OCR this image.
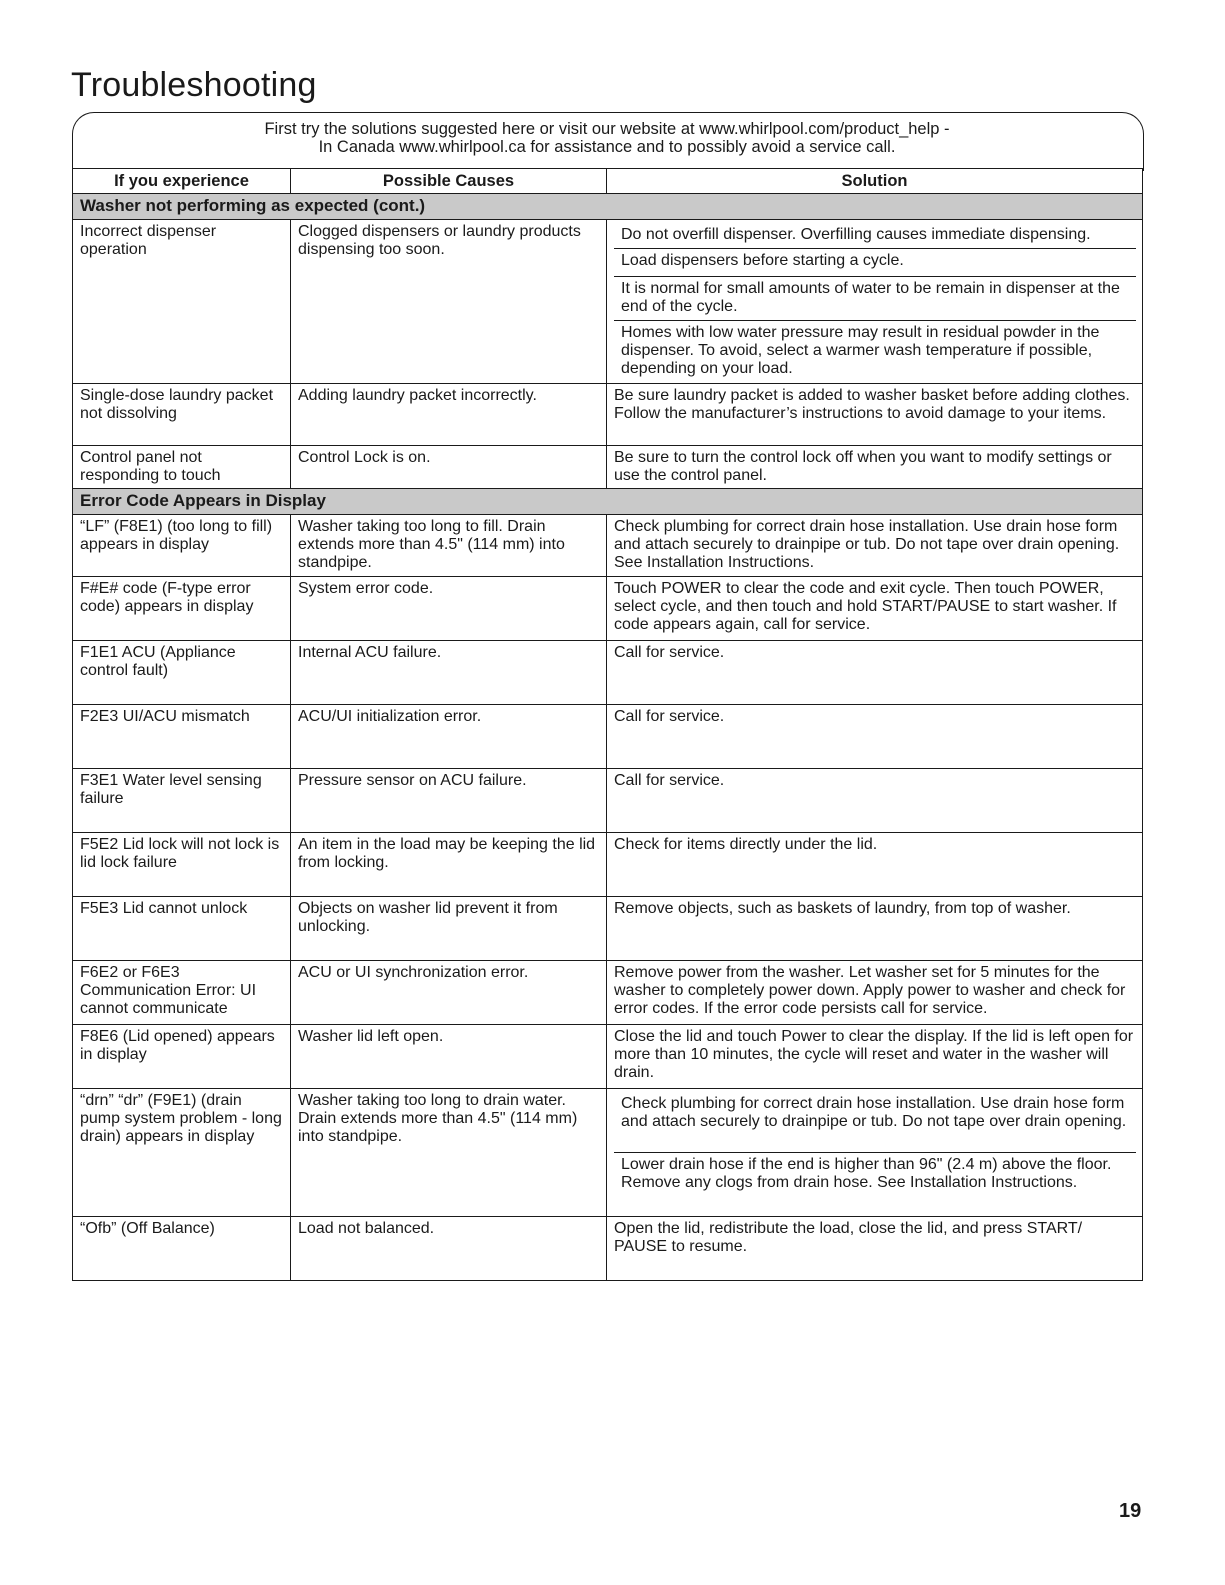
Troubleshooting
First try the solutions suggested here or visit our website at www.whirlpool.com/product_help -
In Canada www.whirlpool.ca for assistance and to possibly avoid a service call.
If you experience	Possible Causes	Solution
Washer not performing as expected (cont.)		
Incorrect dispenser operation	Clogged dispensers or laundry products dispensing too soon.	Do not overfill dispenser. Overfilling causes immediate dispensing.
Load dispensers before starting a cycle.
It is normal for small amounts of water to be remain in dispenser at the end of the cycle.
Homes with low water pressure may result in residual powder in the dispenser. To avoid, select a warmer wash temperature if possible, depending on your load.

Single-dose laundry packet not dissolving	Adding laundry packet incorrectly.	Be sure laundry packet is added to washer basket before adding clothes. Follow the manufacturer’s instructions to avoid damage to your items.
Control panel not responding to touch	Control Lock is on.	Be sure to turn the control lock off when you want to modify settings or use the control panel.
Error Code Appears in Display		
“LF” (F8E1) (too long to fill) appears in display	Washer taking too long to fill. Drain extends more than 4.5" (114 mm) into standpipe.	Check plumbing for correct drain hose installation. Use drain hose form and attach securely to drainpipe or tub. Do not tape over drain opening. See Installation Instructions.
F#E# code (F-type error code) appears in display	System error code.	Touch POWER to clear the code and exit cycle. Then touch POWER, select cycle, and then touch and hold START/PAUSE to start washer. If code appears again, call for service.
F1E1 ACU (Appliance control fault)	Internal ACU failure.	Call for service.
F2E3 UI/ACU mismatch	ACU/UI initialization error.	Call for service.
F3E1 Water level sensing failure	Pressure sensor on ACU failure.	Call for service.
F5E2 Lid lock will not lock is lid lock failure	An item in the load may be keeping the lid from locking.	Check for items directly under the lid.
F5E3 Lid cannot unlock	Objects on washer lid prevent it from unlocking.	Remove objects, such as baskets of laundry, from top of washer.
F6E2 or F6E3 Communication Error: UI cannot communicate	ACU or UI synchronization error.	Remove power from the washer. Let washer set for 5 minutes for the washer to completely power down. Apply power to washer and check for error codes. If the error code persists call for service.
F8E6 (Lid opened) appears in display	Washer lid left open.	Close the lid and touch Power to clear the display. If the lid is left open for more than 10 minutes, the cycle will reset and water in the washer will drain.
“drn” “dr” (F9E1) (drain pump system problem - long drain) appears in display	Washer taking too long to drain water. Drain extends more than 4.5" (114 mm) into standpipe.	Check plumbing for correct drain hose installation. Use drain hose form and attach securely to drainpipe or tub. Do not tape over drain opening.
Lower drain hose if the end is higher than 96" (2.4 m) above the floor. Remove any clogs from drain hose. See Installation Instructions.

“Ofb” (Off Balance)	Load not balanced.	Open the lid, redistribute the load, close the lid, and press START/ PAUSE to resume.
19
